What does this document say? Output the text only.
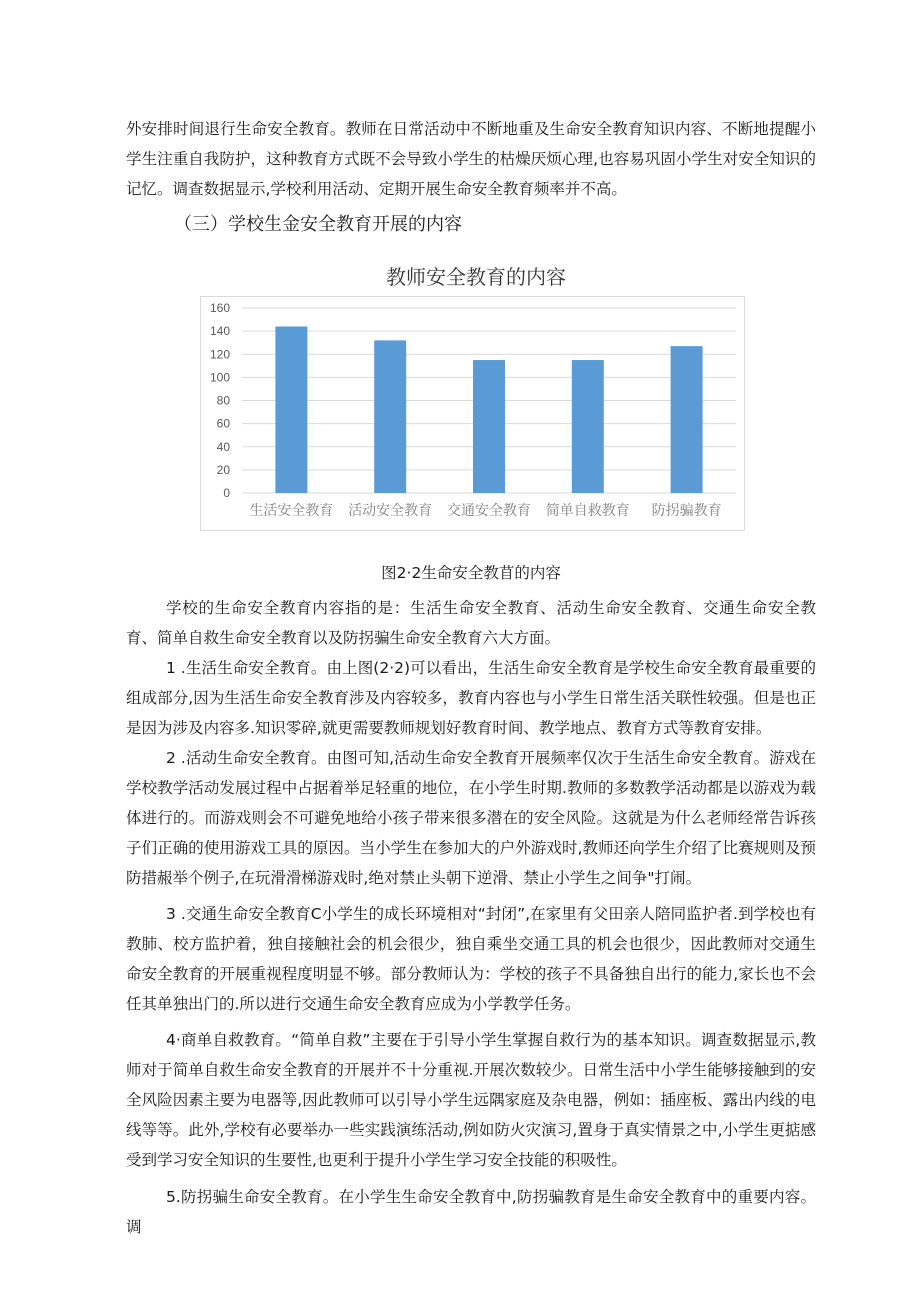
外安排时间退行生命安全教育。教师在日常活动中不断地重及生命安全教育知识内容、不断地提醒小学生注重自我防护，这种教育方式既不会导致小学生的枯燥厌烦心理,也容易巩固小学生对安全知识的记忆。调查数据显示,学校利用活动、定期开展生命安全教育频率并不高。

（三）学校生金安全教育开展的内容
教师安全教育的内容
0
20
40
60
80
100
120
140
160
生活安全教育 活动安全教育 交通安全教育 简单自救教育 防拐骗教育

图2·2生命安全教苜的内容

学校的生命安全教育内容指的是：生活生命安全教育、活动生命安全教育、交通生命安全教育、简单自救生命安全教育以及防拐骗生命安全教育六大方面。

1 .生活生命安全教育。由上图(2·2)可以看出，生活生命安全教育是学校生命安全教育最重要的组成部分,因为生活生命安全教育涉及内容较多，教育内容也与小学生日常生活关联性较强。但是也正是因为涉及内容多.知识零碎,就更需要教师规划好教育时间、教学地点、教育方式等教育安排。

2 .活动生命安全教育。由图可知,活动生命安全教育开展频率仅次于生活生命安全教育。游戏在学校教学活动发展过程中占据着举足轻重的地位，在小学生时期.教师的多数教学活动都是以游戏为载体进行的。而游戏则会不可避免地给小孩子带来很多潜在的安全风险。这就是为什么老师经常告诉孩子们正确的使用游戏工具的原因。当小学生在参加大的户外游戏时,教师还向学生介绍了比赛规则及预防措赧举个例子,在玩滑滑梯游戏时,绝对禁止头朝下逆滑、禁止小学生之间争"打闹。

3 .交通生命安全教育C小学生的成长环境相对“封闭”,在家里有父田亲人陪同监护者.到学校也有教肺、校方监护着，独自接触社会的机会很少，独自乘坐交通工具的机会也很少，因此教师对交通生命安全教育的开展重视程度明显不够。部分教师认为：学校的孩子不具备独自出行的能力,家长也不会任其单独出门的.所以进行交通生命安全教育应成为小学教学任务。

4·商单自救教育。“简单自救”主要在于引导小学生掌握自救行为的基本知识。调查数据显示,教师对于简单自救生命安全教育的开展并不十分重视.开展次数较少。日常生活中小学生能够接触到的安全风险因素主要为电器等,因此教师可以引导小学生远隅家庭及杂电器，例如：插座板、露出内线的电线等等。此外,学校有必要举办一些实践演练活动,例如防火灾演习,置身于真实情景之中,小学生更掂感受到学习安全知识的生要性,也更利于提升小学生学习安全技能的积吸性。

5.防拐骗生命安全教育。在小学生生命安全教育中,防拐骗教育是生命安全教育中的重要内容。调
